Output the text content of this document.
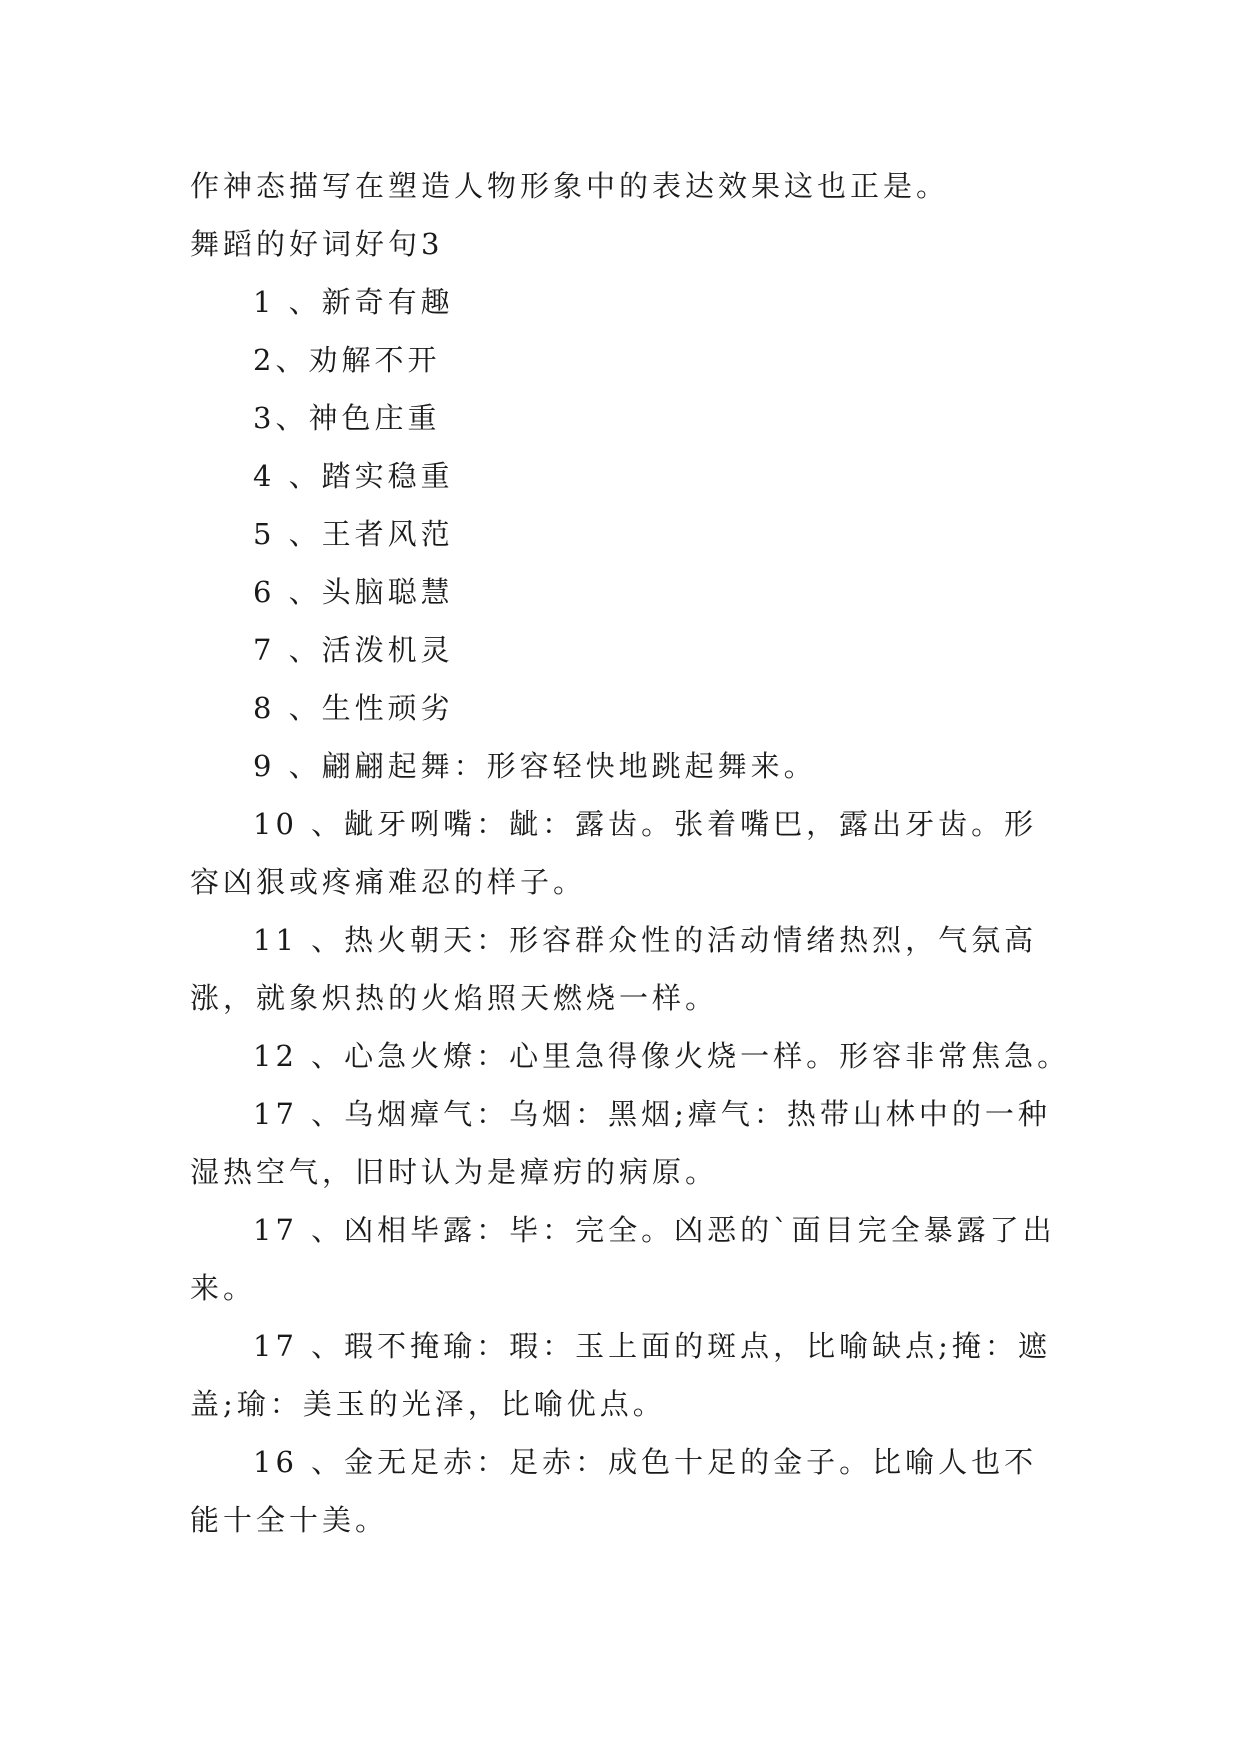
作神态描写在塑造人物形象中的表达效果这也正是。
舞蹈的好词好句3
1 、新奇有趣
2、劝解不开
3、神色庄重
4 、踏实稳重
5 、王者风范
6 、头脑聪慧
7 、活泼机灵
8 、生性顽劣
9 、翩翩起舞：形容轻快地跳起舞来。
10 、龇牙咧嘴：龇：露齿。张着嘴巴，露出牙齿。形
容凶狠或疼痛难忍的样子。
11 、热火朝天：形容群众性的活动情绪热烈，气氛高
涨，就象炽热的火焰照天燃烧一样。
12 、心急火燎：心里急得像火烧一样。形容非常焦急。
17 、乌烟瘴气：乌烟：黑烟;瘴气：热带山林中的一种
湿热空气，旧时认为是瘴疠的病原。
17 、凶相毕露：毕：完全。凶恶的`面目完全暴露了出
来。
17 、瑕不掩瑜：瑕：玉上面的斑点，比喻缺点;掩：遮
盖;瑜：美玉的光泽，比喻优点。
16 、金无足赤：足赤：成色十足的金子。比喻人也不
能十全十美。
